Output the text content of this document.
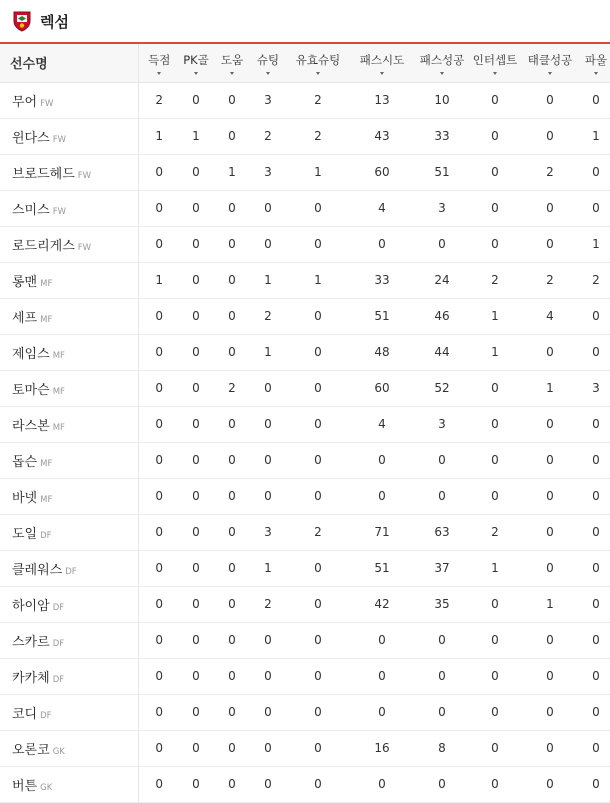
렉섬
선수명	득점	PK골	도움	슈팅	유효슈팅	패스시도	패스성공	인터셉트	태클성공	파울

무어 FW	2	0	0	3	2	13	10	0	0	0
윈다스 FW	1	1	0	2	2	43	33	0	0	1
브로드헤드 FW	0	0	1	3	1	60	51	0	2	0
스미스 FW	0	0	0	0	0	4	3	0	0	0
로드리게스 FW	0	0	0	0	0	0	0	0	0	1
롱맨 MF	1	0	0	1	1	33	24	2	2	2
세프 MF	0	0	0	2	0	51	46	1	4	0
제임스 MF	0	0	0	1	0	48	44	1	0	0
토마슨 MF	0	0	2	0	0	60	52	0	1	3
라스본 MF	0	0	0	0	0	4	3	0	0	0
돕슨 MF	0	0	0	0	0	0	0	0	0	0
바넷 MF	0	0	0	0	0	0	0	0	0	0
도일 DF	0	0	0	3	2	71	63	2	0	0
클레워스 DF	0	0	0	1	0	51	37	1	0	0
하이암 DF	0	0	0	2	0	42	35	0	1	0
스카르 DF	0	0	0	0	0	0	0	0	0	0
카카체 DF	0	0	0	0	0	0	0	0	0	0
코디 DF	0	0	0	0	0	0	0	0	0	0
오론코 GK	0	0	0	0	0	16	8	0	0	0
버튼 GK	0	0	0	0	0	0	0	0	0	0
